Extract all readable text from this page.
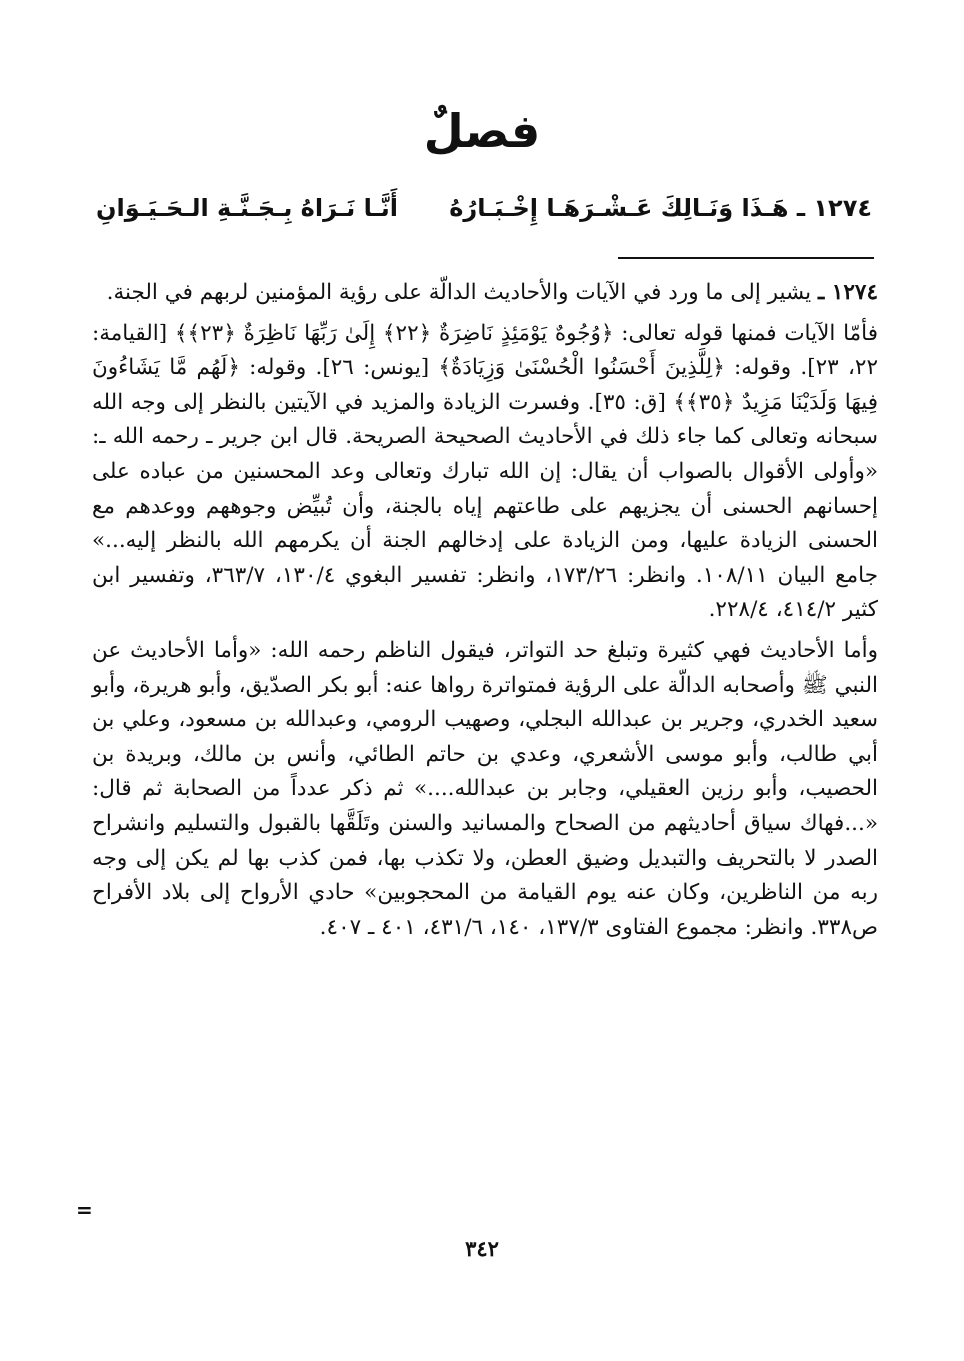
فصلٌ
١٢٧٤ ـ هَـذَا وَنَـالِكَ عَـشْـرَهَـا إِخْـبَـارُهُ
أَنَّـا نَـرَاهُ بِـجَـنَّـةِ الـحَـيَـوَانِ

١٢٧٤ ـ يشير إلى ما ورد في الآيات والأحاديث الدالّة على رؤية المؤمنين لربهم في الجنة.

فأمّا الآيات فمنها قوله تعالى: ﴿وُجُوهٌ يَوْمَئِذٍ نَاضِرَةٌ ﴿٢٢﴾ إِلَىٰ رَبِّهَا نَاظِرَةٌ ﴿٢٣﴾﴾ [القيامة: ٢٢، ٢٣]. وقوله: ﴿لِلَّذِينَ أَحْسَنُوا الْحُسْنَىٰ وَزِيَادَةٌ﴾ [يونس: ٢٦]. وقوله: ﴿لَهُم مَّا يَشَاءُونَ فِيهَا وَلَدَيْنَا مَزِيدٌ ﴿٣٥﴾﴾ [ق: ٣٥]. وفسرت الزيادة والمزيد في الآيتين بالنظر إلى وجه الله سبحانه وتعالى كما جاء ذلك في الأحاديث الصحيحة الصريحة. قال ابن جرير ـ رحمه الله ـ: «وأولى الأقوال بالصواب أن يقال: إن الله تبارك وتعالى وعد المحسنين من عباده على إحسانهم الحسنى أن يجزيهم على طاعتهم إياه بالجنة، وأن تُبيِّض وجوههم ووعدهم مع الحسنى الزيادة عليها، ومن الزيادة على إدخالهم الجنة أن يكرمهم الله بالنظر إليه...» جامع البيان ١٠٨/١١. وانظر: ١٧٣/٢٦، وانظر: تفسير البغوي ١٣٠/٤، ٣٦٣/٧، وتفسير ابن كثير ٤١٤/٢، ٢٢٨/٤.

وأما الأحاديث فهي كثيرة وتبلغ حد التواتر، فيقول الناظم رحمه الله: «وأما الأحاديث عن النبي ﷺ وأصحابه الدالّة على الرؤية فمتواترة رواها عنه: أبو بكر الصدّيق، وأبو هريرة، وأبو سعيد الخدري، وجرير بن عبدالله البجلي، وصهيب الرومي، وعبدالله بن مسعود، وعلي بن أبي طالب، وأبو موسى الأشعري، وعدي بن حاتم الطائي، وأنس بن مالك، وبريدة بن الحصيب، وأبو رزين العقيلي، وجابر بن عبدالله....» ثم ذكر عدداً من الصحابة ثم قال: «...فهاك سياق أحاديثهم من الصحاح والمسانيد والسنن وتَلَقَّها بالقبول والتسليم وانشراح الصدر لا بالتحريف والتبديل وضيق العطن، ولا تكذب بها، فمن كذب بها لم يكن إلى وجه ربه من الناظرين، وكان عنه يوم القيامة من المحجوبين» حادي الأرواح إلى بلاد الأفراح ص٣٣٨. وانظر: مجموع الفتاوى ١٣٧/٣، ١٤٠، ٤٣١/٦، ٤٠١ ـ ٤٠٧.

=
٣٤٢
